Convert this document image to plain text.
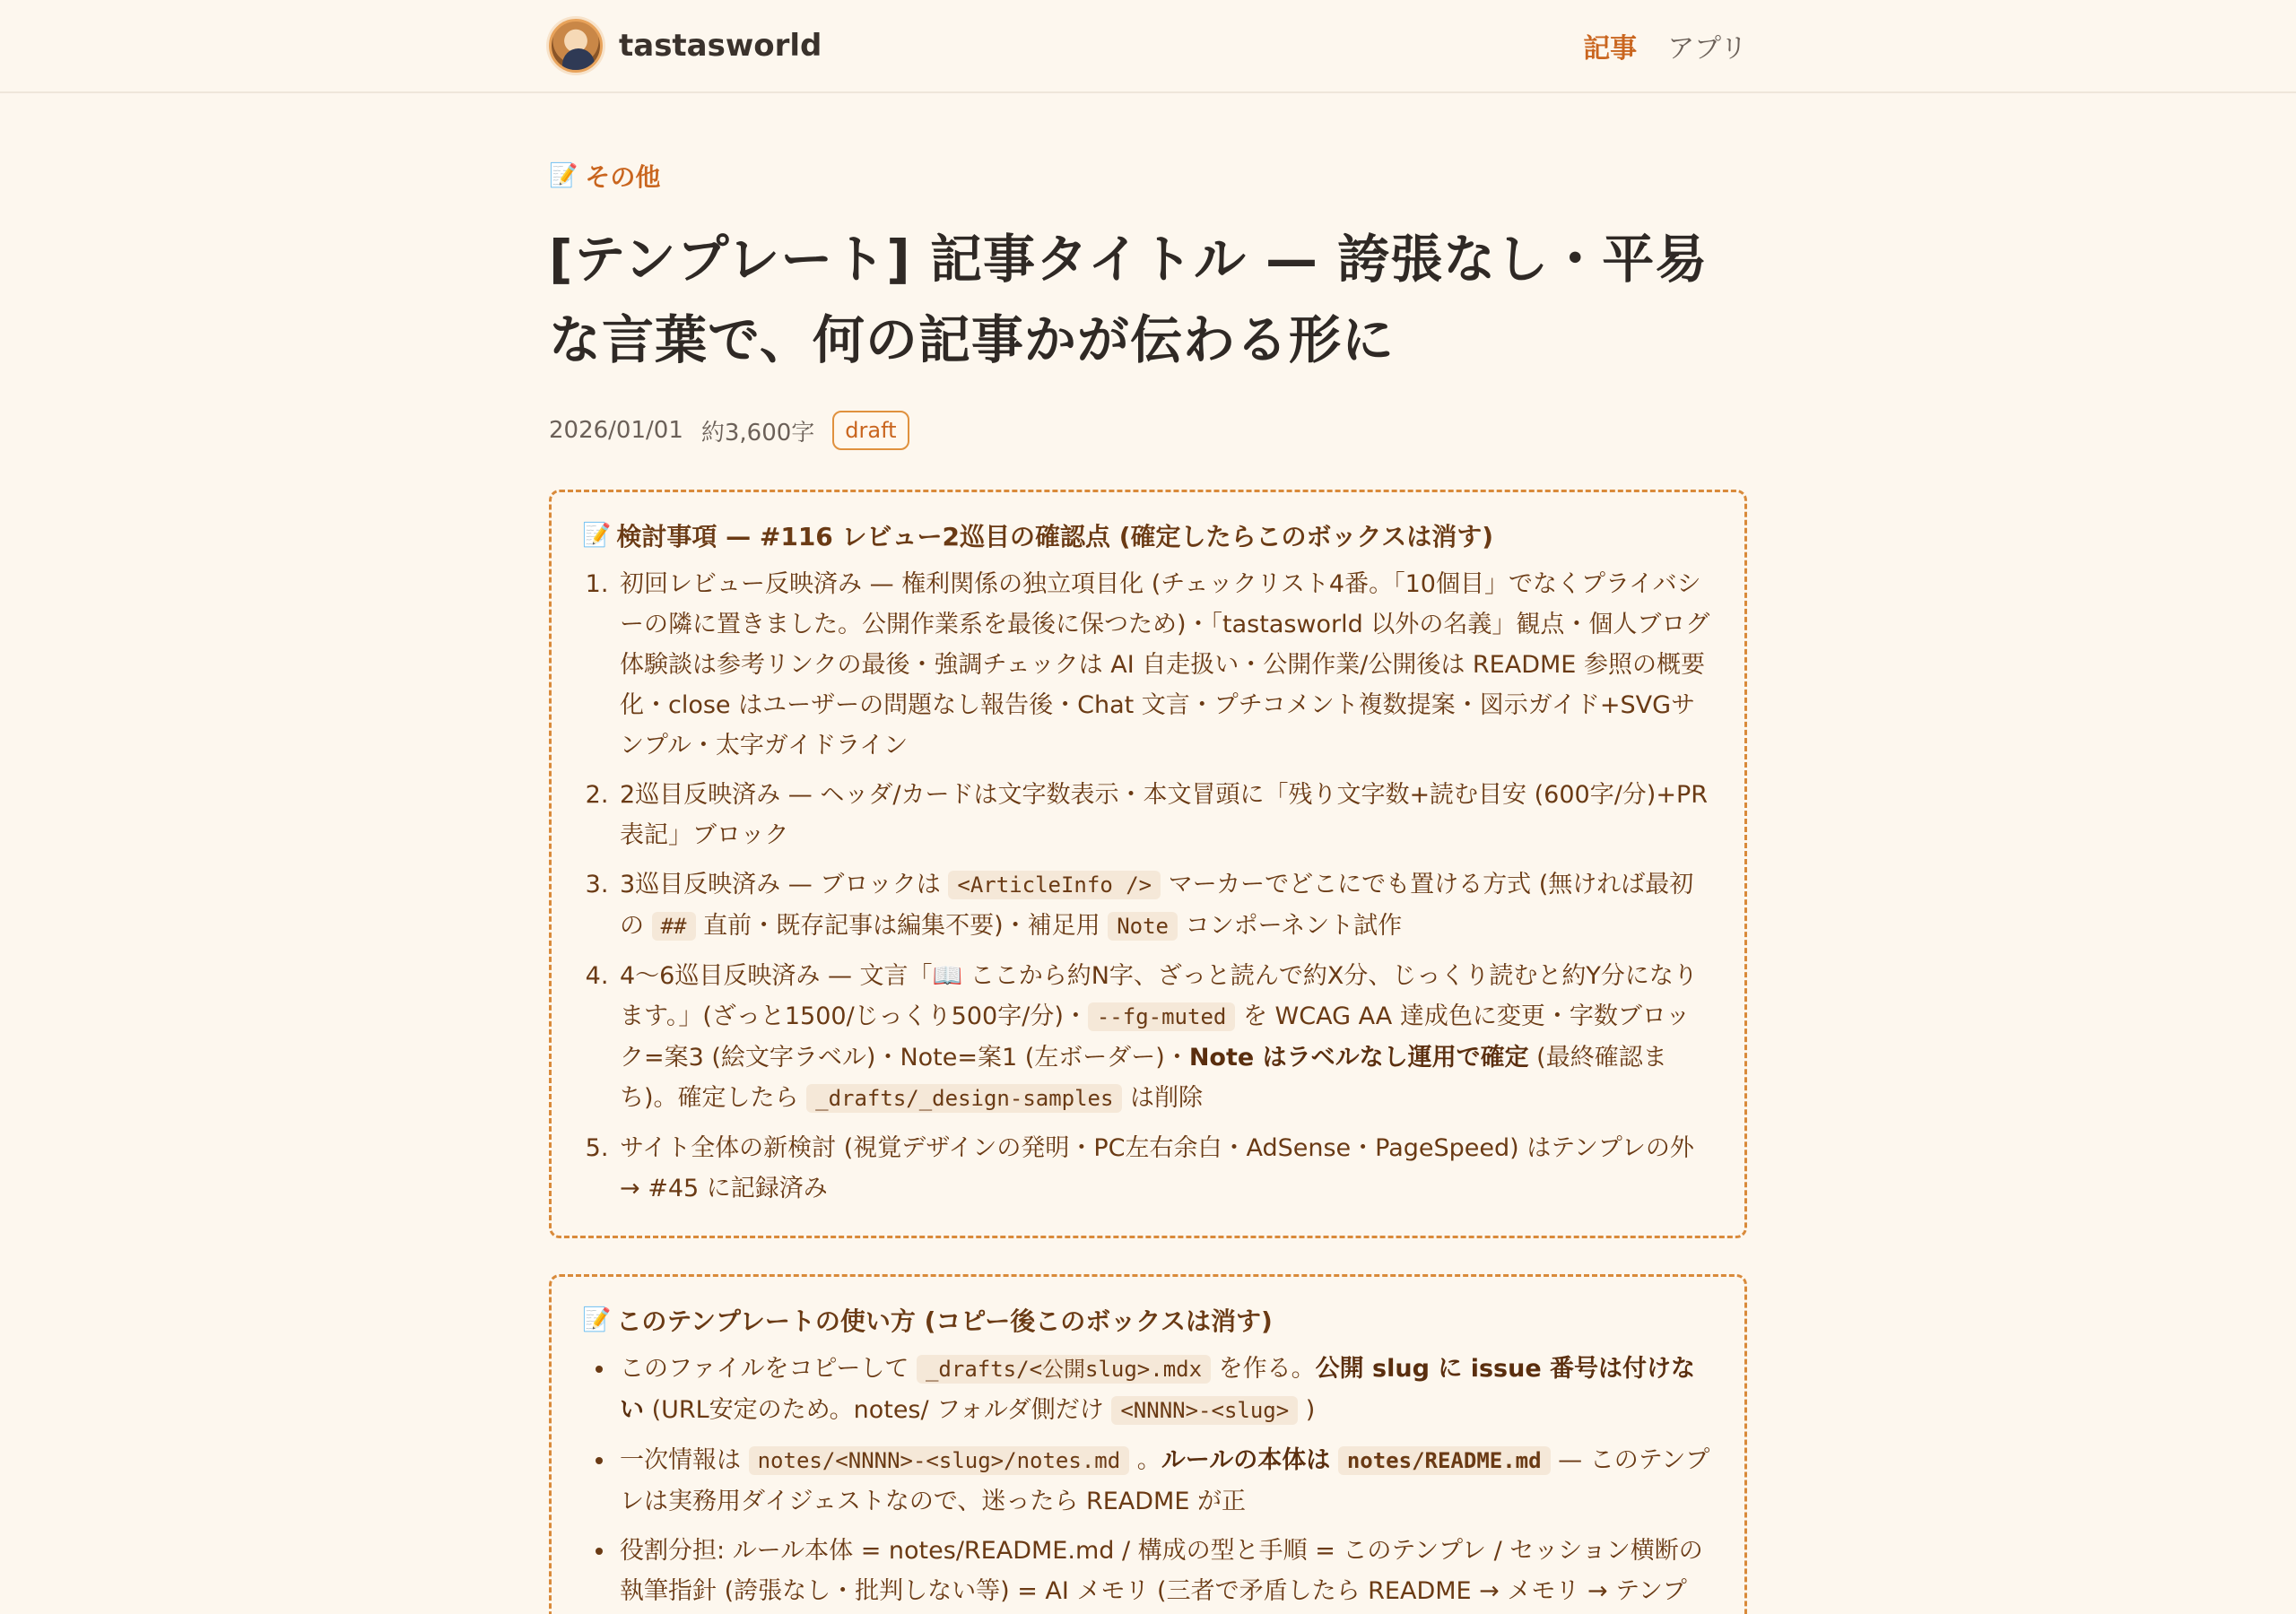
tastasworld	記事 アプリ
📝 その他
[テンプレート] 記事タイトル — 誇張なし・平易な言葉で、何の記事かが伝わる形に
2026/01/01 約3,600字	draft
📝 検討事項 — #116 レビュー2巡目の確認点 (確定したらこのボックスは消す)
1. 初回レビュー反映済み — 権利関係の独立項目化 (チェックリスト4番。「10個目」でなくプライバシーの隣に置きました。公開作業系を最後に保つため)・「tastasworld 以外の名義」観点・個人ブログ体験談は参考リンクの最後・強調チェックは AI 自走扱い・公開作業/公開後は README 参照の概要化・close はユーザーの問題なし報告後・Chat 文言・プチコメント複数提案・図示ガイド+SVGサンプル・太字ガイドライン
2. 2巡目反映済み — ヘッダ/カードは文字数表示・本文冒頭に「残り文字数+読む目安 (600字/分)+PR表記」ブロック
3. 3巡目反映済み — ブロックは <ArticleInfo /> マーカーでどこにでも置ける方式 (無ければ最初の ## 直前・既存記事は編集不要)・補足用 Note コンポーネント試作
4. 4〜6巡目反映済み — 文言「📖 ここから約N字、ざっと読んで約X分、じっくり読むと約Y分になります。」(ざっと1500/じっくり500字/分)・ --fg-muted を WCAG AA 達成色に変更・字数ブロック=案3 (絵文字ラベル)・Note=案1 (左ボーダー)・Note はラベルなし運用で確定 (最終確認まち)。確定したら _drafts/_design-samples は削除
5. サイト全体の新検討 (視覚デザインの発明・PC左右余白・AdSense・PageSpeed) はテンプレの外 → #45 に記録済み
📝 このテンプレートの使い方 (コピー後このボックスは消す)
• このファイルをコピーして _drafts/<公開slug>.mdx を作る。公開 slug に issue 番号は付けない (URL安定のため。notes/ フォルダ側だけ <NNNN>-<slug> )
• 一次情報は notes/<NNNN>-<slug>/notes.md 。ルールの本体は notes/README.md — このテンプレは実務用ダイジェストなので、迷ったら README が正
• 役割分担: ルール本体 = notes/README.md / 構成の型と手順 = このテンプレ / セッション横断の執筆指針 (誇張なし・批判しない等) = AI メモリ (三者で矛盾したら README → メモリ → テンプ
